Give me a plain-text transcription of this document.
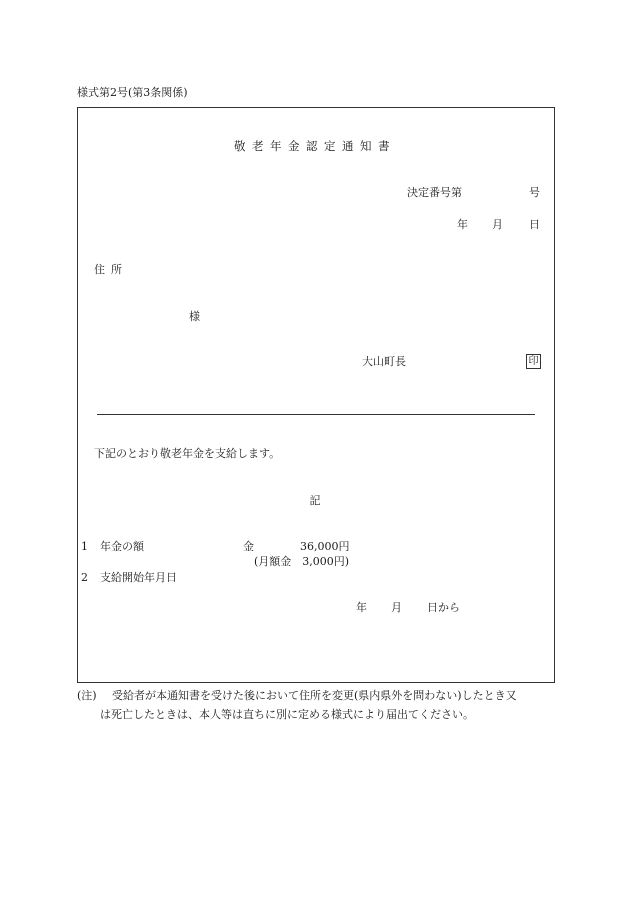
様式第2号(第3条関係)
敬老年金認定通知書
決定番号第	号
年 月 日
住所
様
大山町長	印
下記のとおり敬老年金を支給します。
記
1 年金の額	金	36,000円
(月額金　3,000円)
2 支給開始年月日
年 月 日から
(注) 受給者が本通知書を受けた後において住所を変更(県内県外を問わない)したとき又
は死亡したときは、本人等は直ちに別に定める様式により届出てください。
